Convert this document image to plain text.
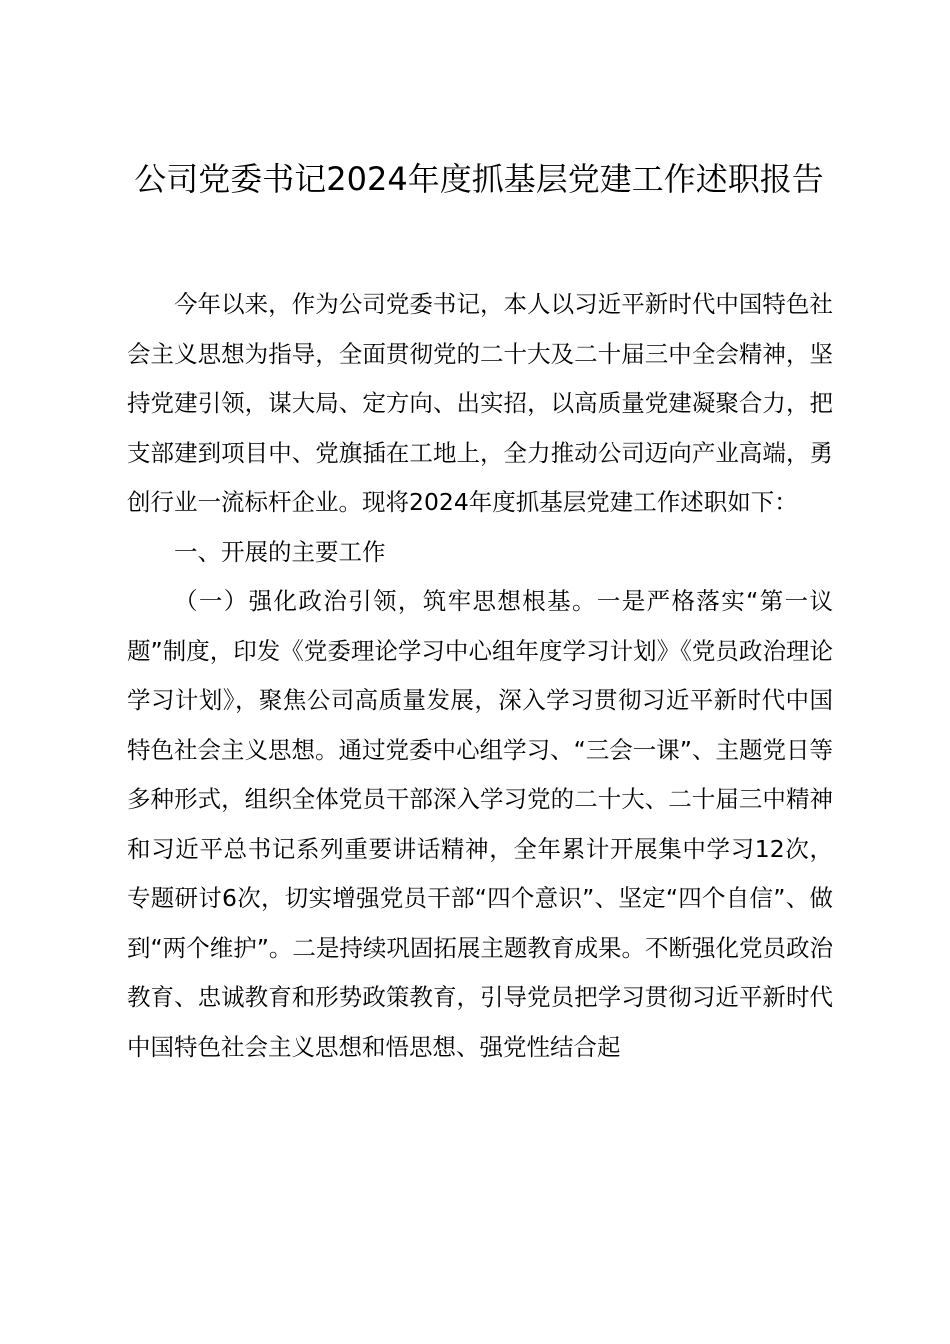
公司党委书记2024年度抓基层党建工作述职报告

今年以来，作为公司党委书记，本人以习近平新时代中国特色社会主义思想为指导，全面贯彻党的二十大及二十届三中全会精神，坚持党建引领，谋大局、定方向、出实招，以高质量党建凝聚合力，把支部建到项目中、党旗插在工地上，全力推动公司迈向产业高端，勇创行业一流标杆企业。现将2024年度抓基层党建工作述职如下：

一、开展的主要工作

（一）强化政治引领，筑牢思想根基。一是严格落实“第一议题”制度，印发《党委理论学习中心组年度学习计划》《党员政治理论学习计划》，聚焦公司高质量发展，深入学习贯彻习近平新时代中国特色社会主义思想。通过党委中心组学习、“三会一课”、主题党日等多种形式，组织全体党员干部深入学习党的二十大、二十届三中精神和习近平总书记系列重要讲话精神，全年累计开展集中学习12次，专题研讨6次，切实增强党员干部“四个意识”、坚定“四个自信”、做到“两个维护”。二是持续巩固拓展主题教育成果。不断强化党员政治教育、忠诚教育和形势政策教育，引导党员把学习贯彻习近平新时代中国特色社会主义思想和悟思想、强党性结合起
